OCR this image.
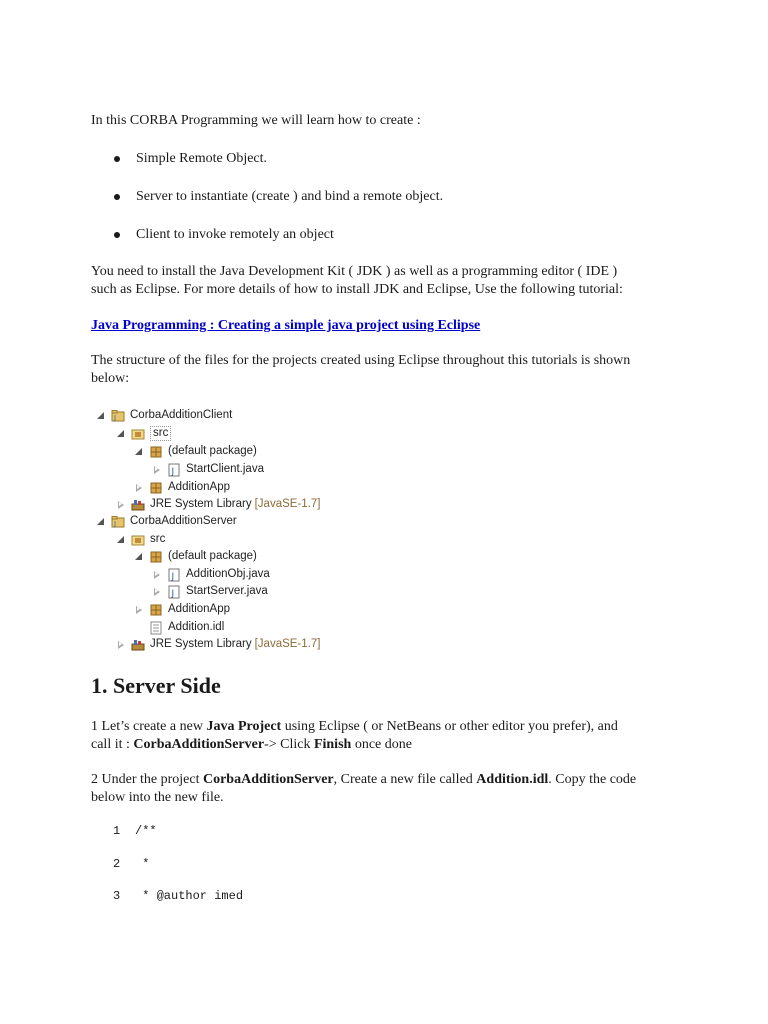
In this CORBA Programming we will learn how to create :
Simple Remote Object.
Server to instantiate (create ) and bind a remote object.
Client to invoke remotely an object
You need to install the Java Development Kit ( JDK ) as well as a programming editor ( IDE )
such as Eclipse. For more details of how to install JDK and Eclipse, Use the following tutorial:
Java Programming : Creating a simple java project using Eclipse
The structure of the files for the projects created using Eclipse throughout this tutorials is shown
below:
J CorbaAdditionClient
src
(default package)
J StartClient.java
AdditionApp
JRE System Library [JavaSE-1.7]
J CorbaAdditionServer
src
(default package)
J AdditionObj.java
J StartServer.java
AdditionApp
Addition.idl
JRE System Library [JavaSE-1.7]
1. Server Side
1 Let’s create a new Java Project using Eclipse ( or NetBeans or other editor you prefer), and
call it : CorbaAdditionServer-> Click Finish once done
2 Under the project CorbaAdditionServer, Create a new file called Addition.idl. Copy the code
below into the new file.
1 /**
2 *
3 * @author imed
